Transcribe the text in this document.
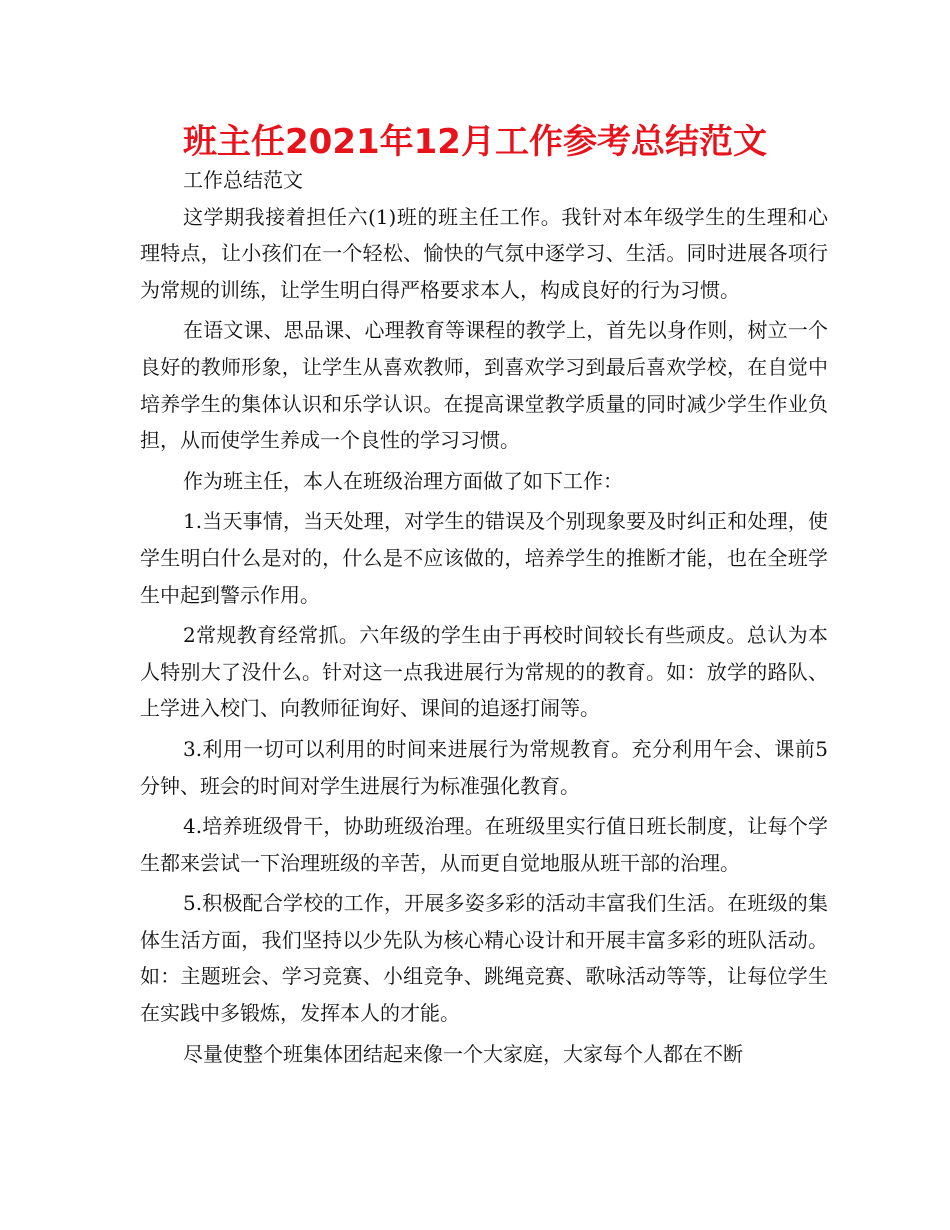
班主任2021年12月工作参考总结范文

工作总结范文

这学期我接着担任六(1)班的班主任工作。我针对本年级学生的生理和心理特点，让小孩们在一个轻松、愉快的气氛中逐学习、生活。同时进展各项行为常规的训练，让学生明白得严格要求本人，构成良好的行为习惯。

在语文课、思品课、心理教育等课程的教学上，首先以身作则，树立一个良好的教师形象，让学生从喜欢教师，到喜欢学习到最后喜欢学校，在自觉中培养学生的集体认识和乐学认识。在提高课堂教学质量的同时减少学生作业负担，从而使学生养成一个良性的学习习惯。

作为班主任，本人在班级治理方面做了如下工作：

1.当天事情，当天处理，对学生的错误及个别现象要及时纠正和处理，使学生明白什么是对的，什么是不应该做的，培养学生的推断才能，也在全班学生中起到警示作用。

2常规教育经常抓。六年级的学生由于再校时间较长有些顽皮。总认为本人特别大了没什么。针对这一点我进展行为常规的的教育。如：放学的路队、上学进入校门、向教师征询好、课间的追逐打闹等。

3.利用一切可以利用的时间来进展行为常规教育。充分利用午会、课前5分钟、班会的时间对学生进展行为标准强化教育。

4.培养班级骨干，协助班级治理。在班级里实行值日班长制度，让每个学生都来尝试一下治理班级的辛苦，从而更自觉地服从班干部的治理。

5.积极配合学校的工作，开展多姿多彩的活动丰富我们生活。在班级的集体生活方面，我们坚持以少先队为核心精心设计和开展丰富多彩的班队活动。如：主题班会、学习竞赛、小组竞争、跳绳竞赛、歌咏活动等等，让每位学生在实践中多锻炼，发挥本人的才能。

尽量使整个班集体团结起来像一个大家庭，大家每个人都在不断
